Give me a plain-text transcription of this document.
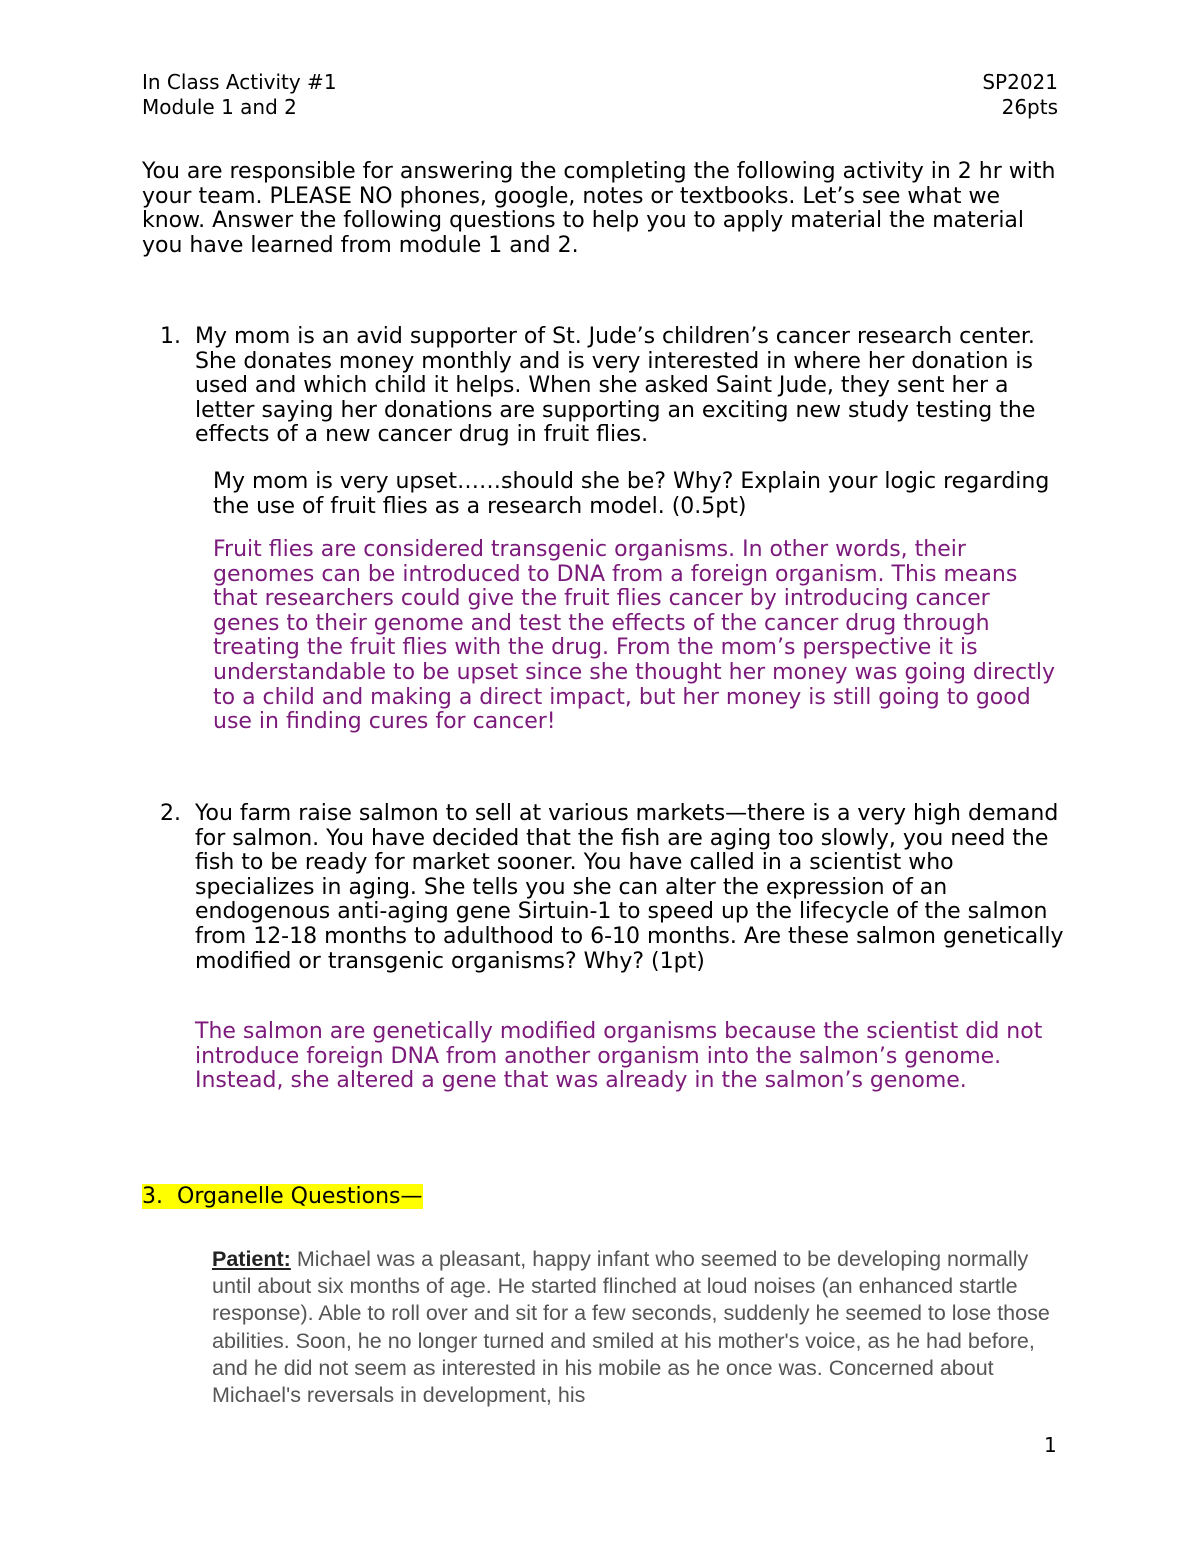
In Class Activity #1	SP2021
Module 1 and 2	26pts
You are responsible for answering the completing the following activity in 2 hr with your team. PLEASE NO phones, google, notes or textbooks. Let’s see what we know. Answer the following questions to help you to apply material the material you have learned from module 1 and 2.
1. My mom is an avid supporter of St. Jude’s children’s cancer research center. She donates money monthly and is very interested in where her donation is used and which child it helps. When she asked Saint Jude, they sent her a letter saying her donations are supporting an exciting new study testing the effects of a new cancer drug in fruit flies.
My mom is very upset……should she be? Why? Explain your logic regarding the use of fruit flies as a research model. (0.5pt)
Fruit flies are considered transgenic organisms. In other words, their genomes can be introduced to DNA from a foreign organism. This means that researchers could give the fruit flies cancer by introducing cancer genes to their genome and test the effects of the cancer drug through treating the fruit flies with the drug. From the mom’s perspective it is understandable to be upset since she thought her money was going directly to a child and making a direct impact, but her money is still going to good use in finding cures for cancer!
2. You farm raise salmon to sell at various markets—there is a very high demand for salmon. You have decided that the fish are aging too slowly, you need the fish to be ready for market sooner. You have called in a scientist who specializes in aging. She tells you she can alter the expression of an endogenous anti-aging gene Sirtuin-1 to speed up the lifecycle of the salmon from 12-18 months to adulthood to 6-10 months. Are these salmon genetically modified or transgenic organisms? Why? (1pt)
The salmon are genetically modified organisms because the scientist did not introduce foreign DNA from another organism into the salmon’s genome. Instead, she altered a gene that was already in the salmon’s genome.
3. Organelle Questions—
Patient: Michael was a pleasant, happy infant who seemed to be developing normally until about six months of age. He started flinched at loud noises (an enhanced startle response). Able to roll over and sit for a few seconds, suddenly he seemed to lose those abilities. Soon, he no longer turned and smiled at his mother's voice, as he had before, and he did not seem as interested in his mobile as he once was. Concerned about Michael's reversals in development, his
1
